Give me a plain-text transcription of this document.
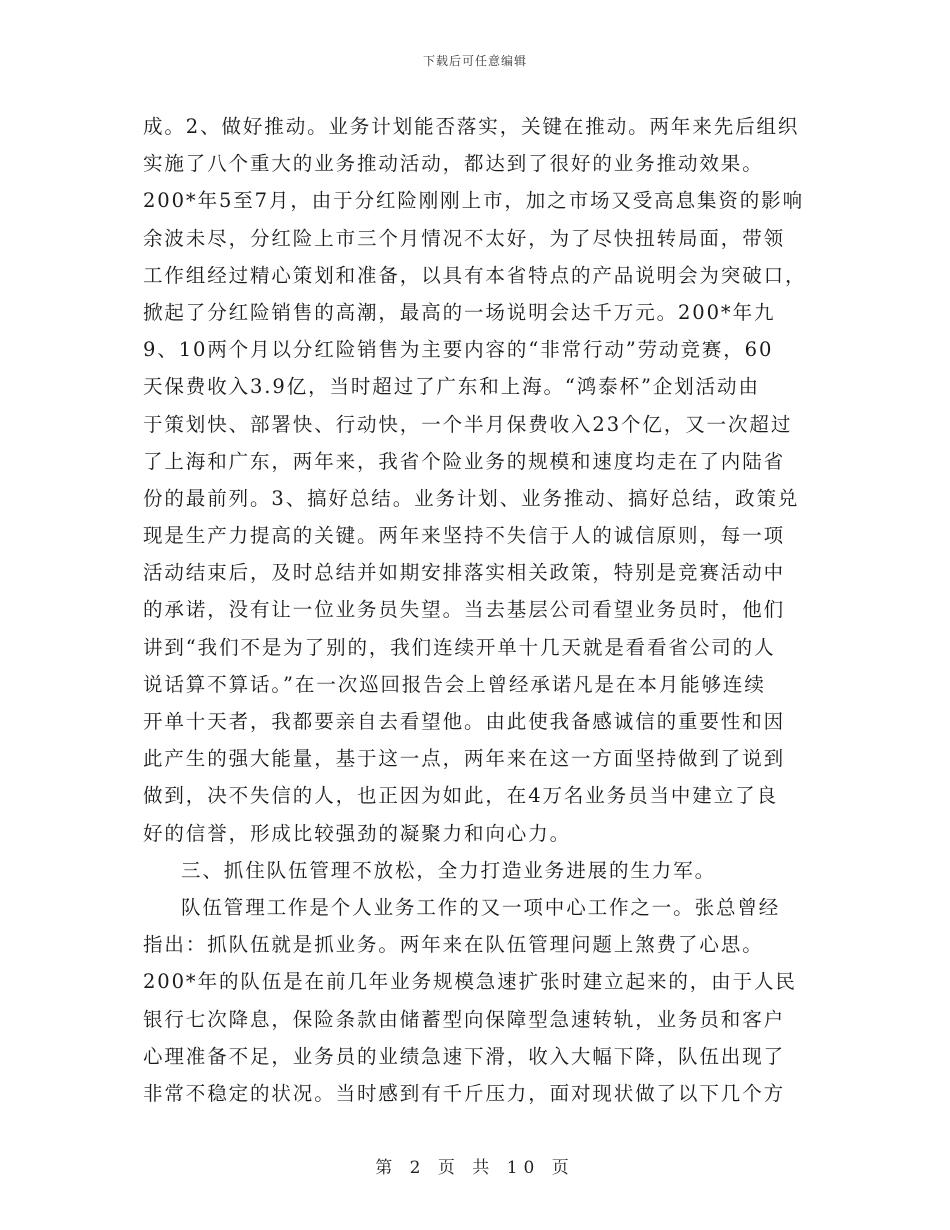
下载后可任意编辑
成。2、做好推动。业务计划能否落实，关键在推动。两年来先后组织
实施了八个重大的业务推动活动，都达到了很好的业务推动效果。
200*年5至7月，由于分红险刚刚上市，加之市场又受高息集资的影响
余波未尽，分红险上市三个月情况不太好，为了尽快扭转局面，带领
工作组经过精心策划和准备，以具有本省特点的产品说明会为突破口，
掀起了分红险销售的高潮，最高的一场说明会达千万元。200*年九
9、10两个月以分红险销售为主要内容的“非常行动”劳动竞赛，60
天保费收入3.9亿，当时超过了广东和上海。“鸿泰杯”企划活动由
于策划快、部署快、行动快，一个半月保费收入23个亿，又一次超过
了上海和广东，两年来，我省个险业务的规模和速度均走在了内陆省
份的最前列。3、搞好总结。业务计划、业务推动、搞好总结，政策兑
现是生产力提高的关键。两年来坚持不失信于人的诚信原则，每一项
活动结束后，及时总结并如期安排落实相关政策，特别是竞赛活动中
的承诺，没有让一位业务员失望。当去基层公司看望业务员时，他们
讲到“我们不是为了别的，我们连续开单十几天就是看看省公司的人
说话算不算话。”在一次巡回报告会上曾经承诺凡是在本月能够连续
开单十天者，我都要亲自去看望他。由此使我备感诚信的重要性和因
此产生的强大能量，基于这一点，两年来在这一方面坚持做到了说到
做到，决不失信的人，也正因为如此，在4万名业务员当中建立了良
好的信誉，形成比较强劲的凝聚力和向心力。
三、抓住队伍管理不放松，全力打造业务进展的生力军。
队伍管理工作是个人业务工作的又一项中心工作之一。张总曾经
指出：抓队伍就是抓业务。两年来在队伍管理问题上煞费了心思。
200*年的队伍是在前几年业务规模急速扩张时建立起来的，由于人民
银行七次降息，保险条款由储蓄型向保障型急速转轨，业务员和客户
心理准备不足，业务员的业绩急速下滑，收入大幅下降，队伍出现了
非常不稳定的状况。当时感到有千斤压力，面对现状做了以下几个方
第 2 页 共 10 页
